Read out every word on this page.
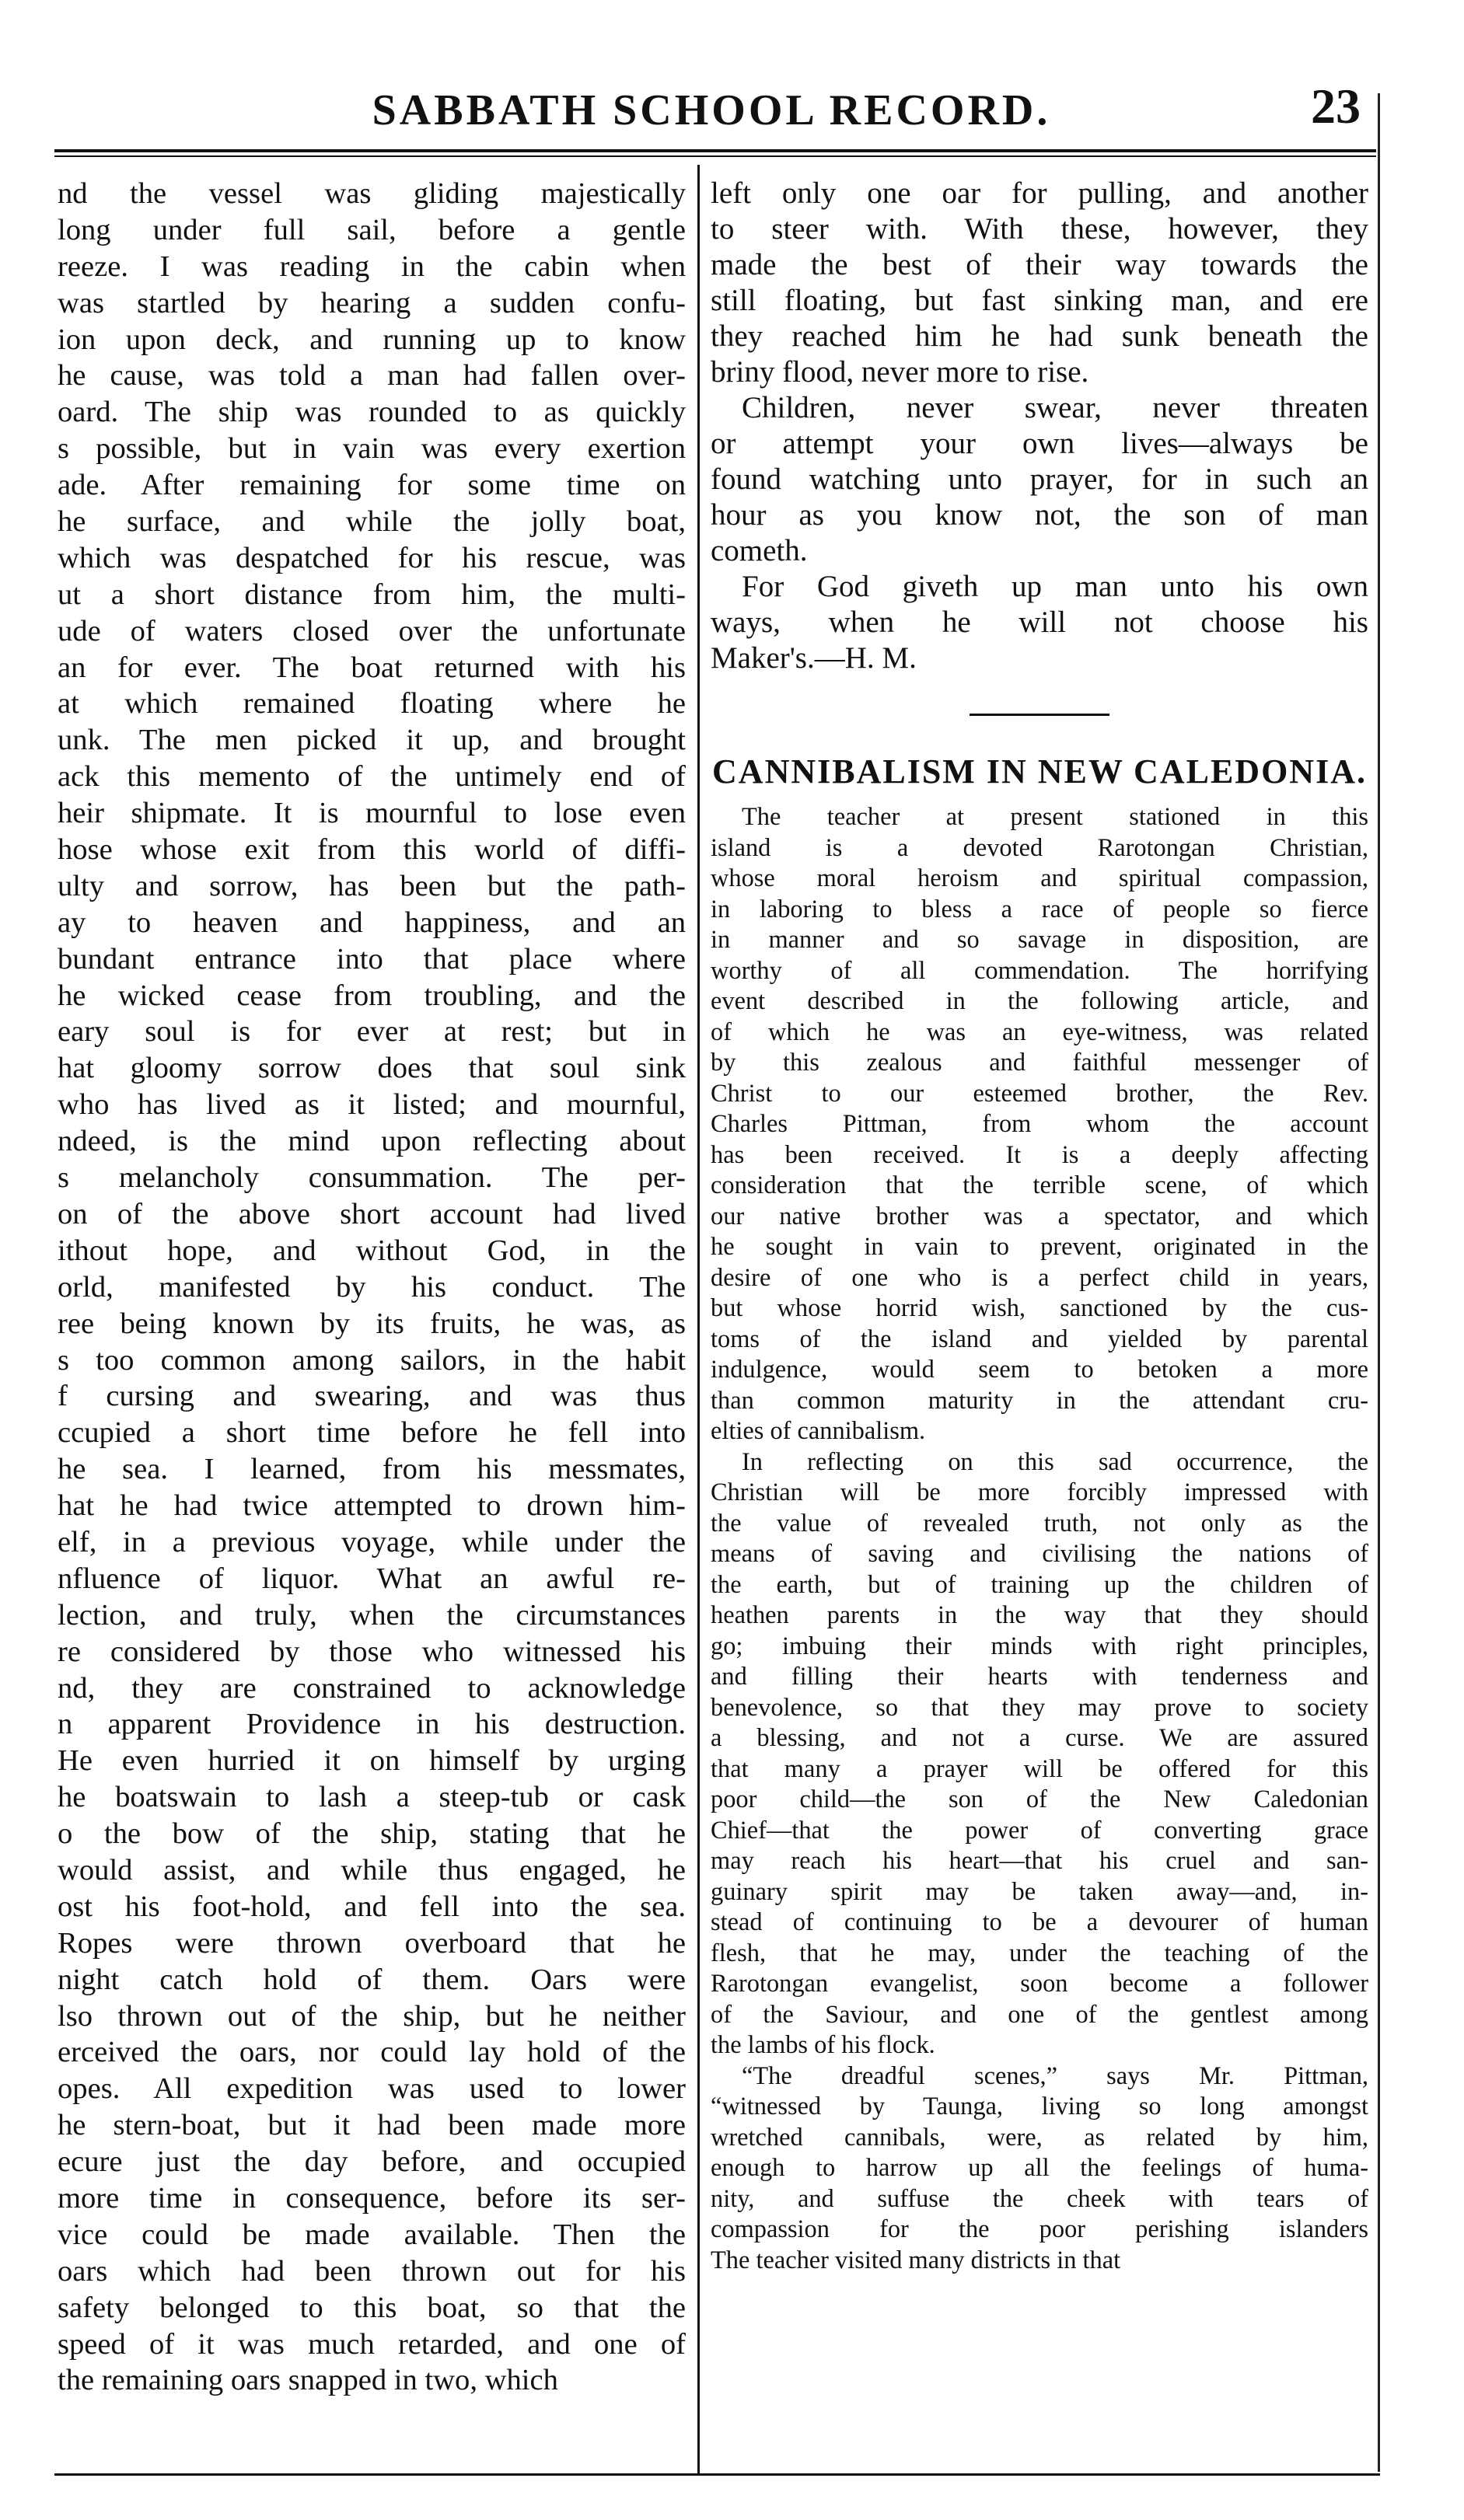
SABBATH SCHOOL RECORD.	23
nd the vessel was gliding majestically
long under full sail, before a gentle
reeze. I was reading in the cabin when
was startled by hearing a sudden confu-
ion upon deck, and running up to know
he cause, was told a man had fallen over-
oard. The ship was rounded to as quickly
s possible, but in vain was every exertion
ade. After remaining for some time on
he surface, and while the jolly boat,
which was despatched for his rescue, was
ut a short distance from him, the multi-
ude of waters closed over the unfortunate
an for ever. The boat returned with his
at which remained floating where he
unk. The men picked it up, and brought
ack this memento of the untimely end of
heir shipmate. It is mournful to lose even
hose whose exit from this world of diffi-
ulty and sorrow, has been but the path-
ay to heaven and happiness, and an
bundant entrance into that place where
he wicked cease from troubling, and the
eary soul is for ever at rest; but in
hat gloomy sorrow does that soul sink
who has lived as it listed; and mournful,
ndeed, is the mind upon reflecting about
s melancholy consummation. The per-
on of the above short account had lived
ithout hope, and without God, in the
orld, manifested by his conduct. The
ree being known by its fruits, he was, as
s too common among sailors, in the habit
f cursing and swearing, and was thus
ccupied a short time before he fell into
he sea. I learned, from his messmates,
hat he had twice attempted to drown him-
elf, in a previous voyage, while under the
nfluence of liquor. What an awful re-
lection, and truly, when the circumstances
re considered by those who witnessed his
nd, they are constrained to acknowledge
n apparent Providence in his destruction.
He even hurried it on himself by urging
he boatswain to lash a steep-tub or cask
o the bow of the ship, stating that he
would assist, and while thus engaged, he
ost his foot-hold, and fell into the sea.
Ropes were thrown overboard that he
night catch hold of them. Oars were
lso thrown out of the ship, but he neither
erceived the oars, nor could lay hold of the
opes. All expedition was used to lower
he stern-boat, but it had been made more
ecure just the day before, and occupied
more time in consequence, before its ser-
vice could be made available. Then the
oars which had been thrown out for his
safety belonged to this boat, so that the
speed of it was much retarded, and one of
the remaining oars snapped in two, which
left only one oar for pulling, and another
to steer with. With these, however, they
made the best of their way towards the
still floating, but fast sinking man, and ere
they reached him he had sunk beneath the
briny flood, never more to rise.
Children, never swear, never threaten
or attempt your own lives—always be
found watching unto prayer, for in such an
hour as you know not, the son of man
cometh.
For God giveth up man unto his own
ways, when he will not choose his
Maker's.—H. M.
CANNIBALISM IN NEW CALEDONIA.
The teacher at present stationed in this
island is a devoted Rarotongan Christian,
whose moral heroism and spiritual compassion,
in laboring to bless a race of people so fierce
in manner and so savage in disposition, are
worthy of all commendation. The horrifying
event described in the following article, and
of which he was an eye-witness, was related
by this zealous and faithful messenger of
Christ to our esteemed brother, the Rev.
Charles Pittman, from whom the account
has been received. It is a deeply affecting
consideration that the terrible scene, of which
our native brother was a spectator, and which
he sought in vain to prevent, originated in the
desire of one who is a perfect child in years,
but whose horrid wish, sanctioned by the cus-
toms of the island and yielded by parental
indulgence, would seem to betoken a more
than common maturity in the attendant cru-
elties of cannibalism.
In reflecting on this sad occurrence, the
Christian will be more forcibly impressed with
the value of revealed truth, not only as the
means of saving and civilising the nations of
the earth, but of training up the children of
heathen parents in the way that they should
go; imbuing their minds with right principles,
and filling their hearts with tenderness and
benevolence, so that they may prove to society
a blessing, and not a curse. We are assured
that many a prayer will be offered for this
poor child—the son of the New Caledonian
Chief—that the power of converting grace
may reach his heart—that his cruel and san-
guinary spirit may be taken away—and, in-
stead of continuing to be a devourer of human
flesh, that he may, under the teaching of the
Rarotongan evangelist, soon become a follower
of the Saviour, and one of the gentlest among
the lambs of his flock.
“The dreadful scenes,” says Mr. Pittman,
“witnessed by Taunga, living so long amongst
wretched cannibals, were, as related by him,
enough to harrow up all the feelings of huma-
nity, and suffuse the cheek with tears of
compassion for the poor perishing islanders
The teacher visited many districts in that
